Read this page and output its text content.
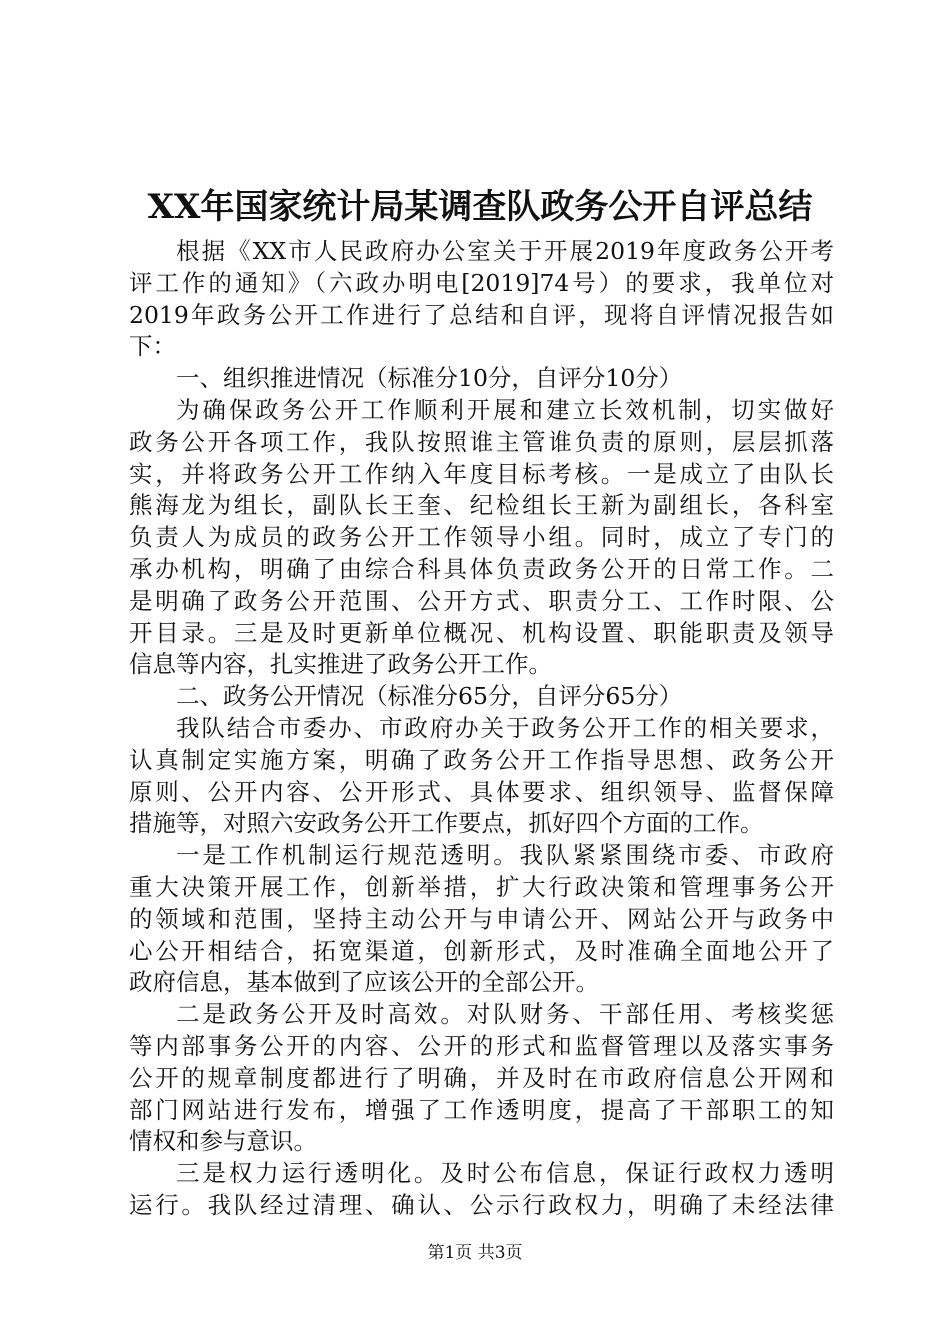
XX年国家统计局某调查队政务公开自评总结
根据《XX市人民政府办公室关于开展2019年度政务公开考
评工作的通知》（六政办明电[2019]74号）的要求，我单位对
2019年政务公开工作进行了总结和自评，现将自评情况报告如
下：
一、组织推进情况（标准分10分，自评分10分）
为确保政务公开工作顺利开展和建立长效机制，切实做好
政务公开各项工作，我队按照谁主管谁负责的原则，层层抓落
实，并将政务公开工作纳入年度目标考核。一是成立了由队长
熊海龙为组长，副队长王奎、纪检组长王新为副组长，各科室
负责人为成员的政务公开工作领导小组。同时，成立了专门的
承办机构，明确了由综合科具体负责政务公开的日常工作。二
是明确了政务公开范围、公开方式、职责分工、工作时限、公
开目录。三是及时更新单位概况、机构设置、职能职责及领导
信息等内容，扎实推进了政务公开工作。
二、政务公开情况（标准分65分，自评分65分）
我队结合市委办、市政府办关于政务公开工作的相关要求，
认真制定实施方案，明确了政务公开工作指导思想、政务公开
原则、公开内容、公开形式、具体要求、组织领导、监督保障
措施等，对照六安政务公开工作要点，抓好四个方面的工作。
一是工作机制运行规范透明。我队紧紧围绕市委、市政府
重大决策开展工作，创新举措，扩大行政决策和管理事务公开
的领域和范围，坚持主动公开与申请公开、网站公开与政务中
心公开相结合，拓宽渠道，创新形式，及时准确全面地公开了
政府信息，基本做到了应该公开的全部公开。
二是政务公开及时高效。对队财务、干部任用、考核奖惩
等内部事务公开的内容、公开的形式和监督管理以及落实事务
公开的规章制度都进行了明确，并及时在市政府信息公开网和
部门网站进行发布，增强了工作透明度，提高了干部职工的知
情权和参与意识。
三是权力运行透明化。及时公布信息，保证行政权力透明
运行。我队经过清理、确认、公示行政权力，明确了未经法律
第1页 共3页
